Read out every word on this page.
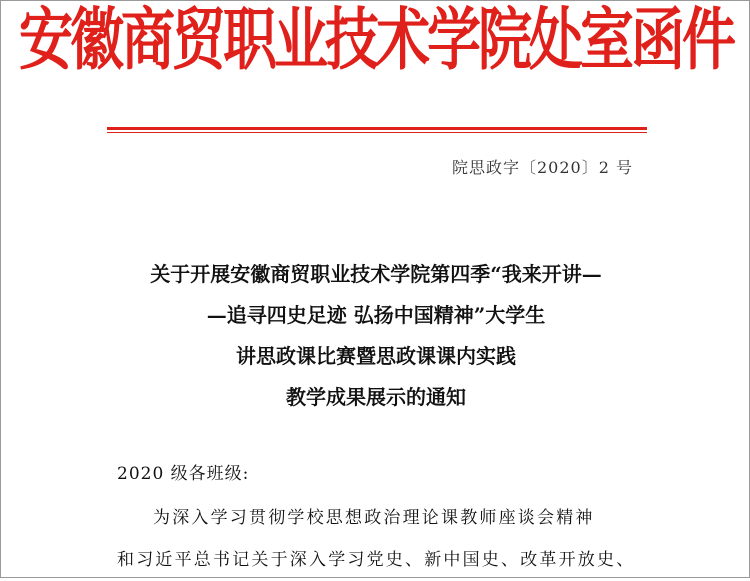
安徽商贸职业技术学院处室函件
院思政字〔2020〕2 号
关于开展安徽商贸职业技术学院第四季“我来开讲—
—追寻四史足迹 弘扬中国精神”大学生
讲思政课比赛暨思政课课内实践
教学成果展示的通知
2020 级各班级:
为深入学习贯彻学校思想政治理论课教师座谈会精神
和习近平总书记关于深入学习党史、新中国史、改革开放史、
